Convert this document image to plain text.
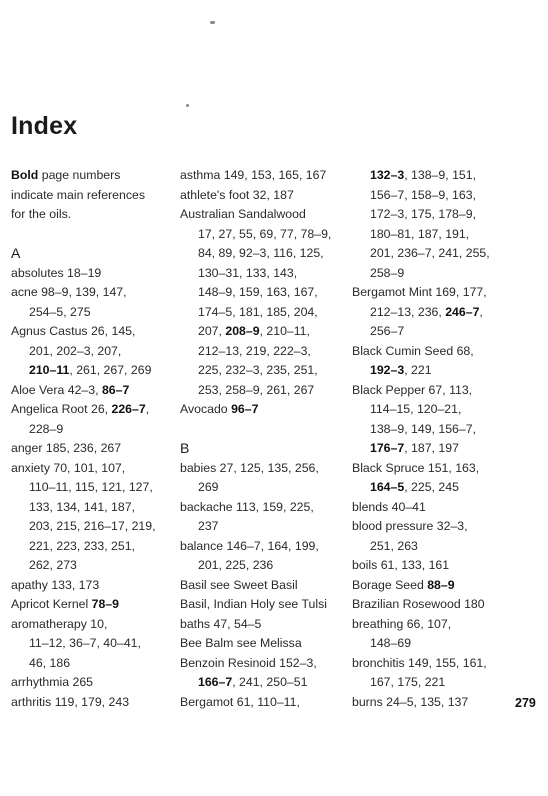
Index
Bold page numbers
indicate main references
for the oils.
A
absolutes 18–19
acne 98–9, 139, 147,
254–5, 275
Agnus Castus 26, 145,
201, 202–3, 207,
210–11, 261, 267, 269
Aloe Vera 42–3, 86–7
Angelica Root 26, 226–7,
228–9
anger 185, 236, 267
anxiety 70, 101, 107,
110–11, 115, 121, 127,
133, 134, 141, 187,
203, 215, 216–17, 219,
221, 223, 233, 251,
262, 273
apathy 133, 173
Apricot Kernel 78–9
aromatherapy 10,
11–12, 36–7, 40–41,
46, 186
arrhythmia 265
arthritis 119, 179, 243
asthma 149, 153, 165, 167
athlete's foot 32, 187
Australian Sandalwood
17, 27, 55, 69, 77, 78–9,
84, 89, 92–3, 116, 125,
130–31, 133, 143,
148–9, 159, 163, 167,
174–5, 181, 185, 204,
207, 208–9, 210–11,
212–13, 219, 222–3,
225, 232–3, 235, 251,
253, 258–9, 261, 267
Avocado 96–7
B
babies 27, 125, 135, 256,
269
backache 113, 159, 225,
237
balance 146–7, 164, 199,
201, 225, 236
Basil see Sweet Basil
Basil, Indian Holy see Tulsi
baths 47, 54–5
Bee Balm see Melissa
Benzoin Resinoid 152–3,
166–7, 241, 250–51
Bergamot 61, 110–11,
132–3, 138–9, 151,
156–7, 158–9, 163,
172–3, 175, 178–9,
180–81, 187, 191,
201, 236–7, 241, 255,
258–9
Bergamot Mint 169, 177,
212–13, 236, 246–7,
256–7
Black Cumin Seed 68,
192–3, 221
Black Pepper 67, 113,
114–15, 120–21,
138–9, 149, 156–7,
176–7, 187, 197
Black Spruce 151, 163,
164–5, 225, 245
blends 40–41
blood pressure 32–3,
251, 263
boils 61, 133, 161
Borage Seed 88–9
Brazilian Rosewood 180
breathing 66, 107,
148–69
bronchitis 149, 155, 161,
167, 175, 221
burns 24–5, 135, 137	279
